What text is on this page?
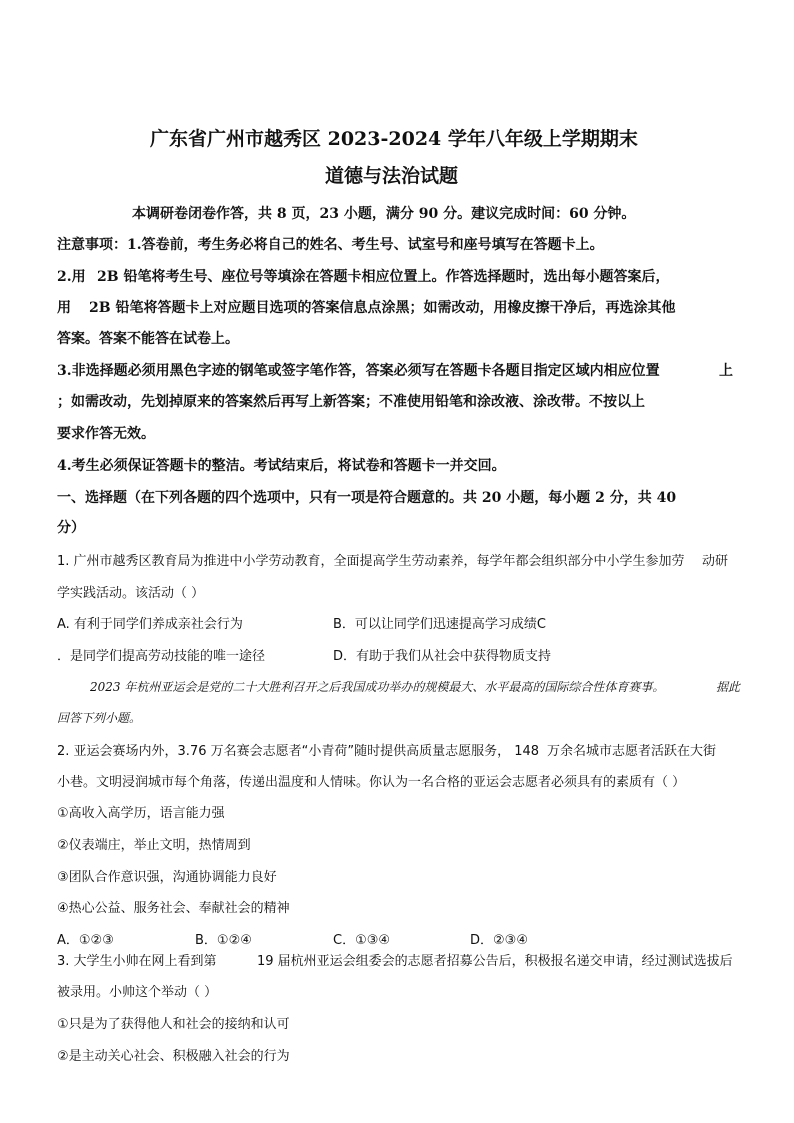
广东省广州市越秀区 2023-2024 学年八年级上学期期末
道德与法治试题
本调研卷闭卷作答，共 8 页，23 小题，满分 90 分。建议完成时间：60 分钟。
注意事项：1.答卷前，考生务必将自己的姓名、考生号、试室号和座号填写在答题卡上。
2.用 2B 铅笔将考生号、座位号等填涂在答题卡相应位置上。作答选择题时，选出每小题答案后，
用 2B 铅笔将答题卡上对应题目选项的答案信息点涂黑；如需改动，用橡皮擦干净后，再选涂其他
答案。答案不能答在试卷上。
3.非选择题必须用黑色字迹的钢笔或签字笔作答，答案必须写在答题卡各题目指定区域内相应位置	上
；如需改动，先划掉原来的答案然后再写上新答案；不准使用铅笔和涂改液、涂改带。不按以上
要求作答无效。
4.考生必须保证答题卡的整洁。考试结束后，将试卷和答题卡一并交回。
一、选择题（在下列各题的四个选项中，只有一项是符合题意的。共 20 小题，每小题 2 分，共 40
分）
1. 广州市越秀区教育局为推进中小学劳动教育，全面提高学生劳动素养，每学年都会组织部分中小学生参加劳 动研
学实践活动。该活动（ ）
A. 有利于同学们养成亲社会行为	B．可以让同学们迅速提高学习成绩C
．是同学们提高劳动技能的唯一途径	D．有助于我们从社会中获得物质支持
2023 年杭州亚运会是党的二十大胜利召开之后我国成功举办的规模最大、水平最高的国际综合性体育赛事。	据此
回答下列小题。
2. 亚运会赛场内外，3.76 万名赛会志愿者“小青荷”随时提供高质量志愿服务， 148 万余名城市志愿者活跃在大街
小巷。文明浸润城市每个角落，传递出温度和人情味。你认为一名合格的亚运会志愿者必须具有的素质有（ ）
①高收入高学历，语言能力强
②仪表端庄，举止文明，热情周到
③团队合作意识强，沟通协调能力良好
④热心公益、服务社会、奉献社会的精神
A．①②③	B．①②④	C．①③④	D．②③④
3. 大学生小帅在网上看到第	19 届杭州亚运会组委会的志愿者招募公告后，积极报名递交申请，经过测试选拔后
被录用。小帅这个举动（ ）
①只是为了获得他人和社会的接纳和认可
②是主动关心社会、积极融入社会的行为
